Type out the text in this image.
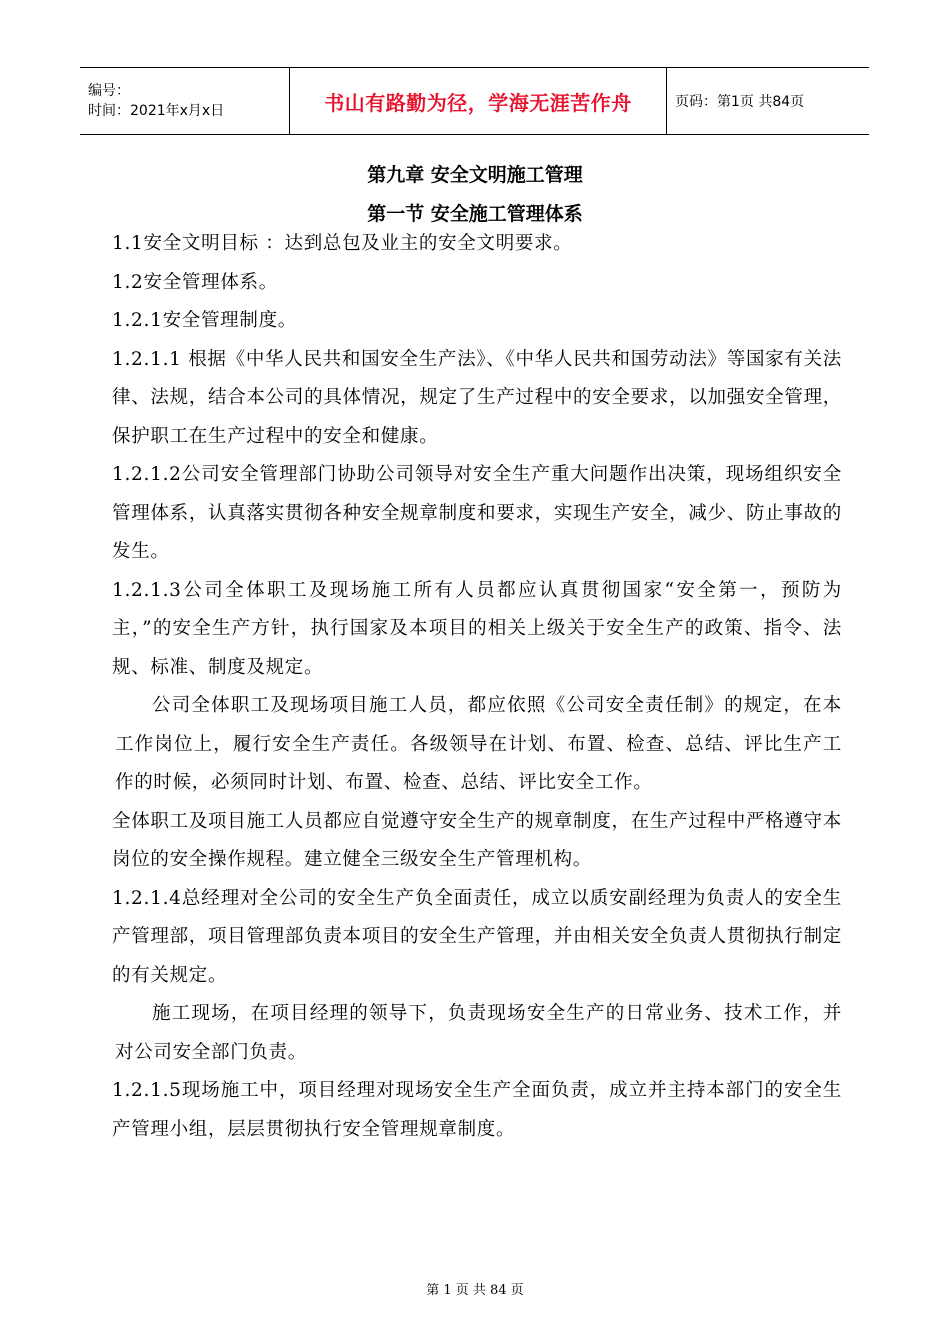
编号：
时间：2021年x月x日	书山有路勤为径，学海无涯苦作舟	页码：第1页 共84页
第九章 安全文明施工管理
第一节 安全施工管理体系

1.1安全文明目标 ：达到总包及业主的安全文明要求。

1.2安全管理体系。

1.2.1安全管理制度。

1.2.1.1 根据《中华人民共和国安全生产法》、《中华人民共和国劳动法》等国家有关法律、法规，结合本公司的具体情况，规定了生产过程中的安全要求，以加强安全管理，保护职工在生产过程中的安全和健康。

1.2.1.2公司安全管理部门协助公司领导对安全生产重大问题作出决策，现场组织安全管理体系，认真落实贯彻各种安全规章制度和要求，实现生产安全，减少、防止事故的发生。

1.2.1.3公司全体职工及现场施工所有人员都应认真贯彻国家“安全第一，预防为主，”的安全生产方针，执行国家及本项目的相关上级关于安全生产的政策、指令、法规、标准、制度及规定。

公司全体职工及现场项目施工人员，都应依照《公司安全责任制》的规定，在本工作岗位上，履行安全生产责任。各级领导在计划、布置、检查、总结、评比生产工作的时候，必须同时计划、布置、检查、总结、评比安全工作。

全体职工及项目施工人员都应自觉遵守安全生产的规章制度，在生产过程中严格遵守本岗位的安全操作规程。建立健全三级安全生产管理机构。

1.2.1.4总经理对全公司的安全生产负全面责任，成立以质安副经理为负责人的安全生产管理部，项目管理部负责本项目的安全生产管理，并由相关安全负责人贯彻执行制定的有关规定。

施工现场，在项目经理的领导下，负责现场安全生产的日常业务、技术工作，并对公司安全部门负责。

1.2.1.5现场施工中，项目经理对现场安全生产全面负责，成立并主持本部门的安全生产管理小组，层层贯彻执行安全管理规章制度。

第 1 页 共 84 页
